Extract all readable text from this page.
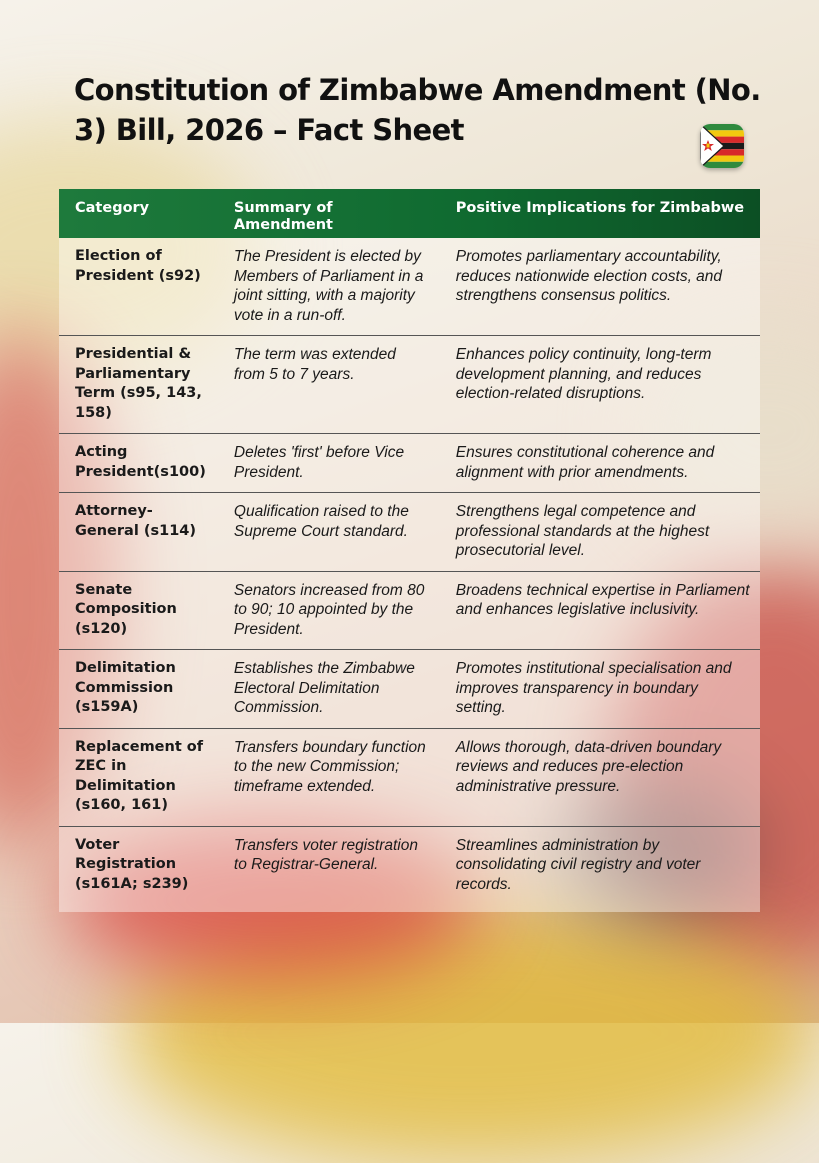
Constitution of Zimbabwe Amendment (No. 3) Bill, 2026 – Fact Sheet
Category	Summary of Amendment	Positive Implications for Zimbabwe
Election of President (s92)	The President is elected by Members of Parliament in a joint sitting, with a majority vote in a run-off.	Promotes parliamentary accountability, reduces nationwide election costs, and strengthens consensus politics.
Presidential & Parliamentary Term (s95, 143, 158)	The term was extended from 5 to 7 years.	Enhances policy continuity, long-term development planning, and reduces election-related disruptions.
Acting President(s100)	Deletes 'first' before Vice President.	Ensures constitutional coherence and alignment with prior amendments.
Attorney-General (s114)	Qualification raised to the Supreme Court standard.	Strengthens legal competence and professional standards at the highest prosecutorial level.
Senate Composition (s120)	Senators increased from 80 to 90; 10 appointed by the President.	Broadens technical expertise in Parliament and enhances legislative inclusivity.
Delimitation Commission (s159A)	Establishes the Zimbabwe Electoral Delimitation Commission.	Promotes institutional specialisation and improves transparency in boundary setting.
Replacement of ZEC in Delimitation (s160, 161)	Transfers boundary function to the new Commission; timeframe extended.	Allows thorough, data-driven boundary reviews and reduces pre-election administrative pressure.
Voter Registration (s161A; s239)	Transfers voter registration to Registrar-General.	Streamlines administration by consolidating civil registry and voter records.
